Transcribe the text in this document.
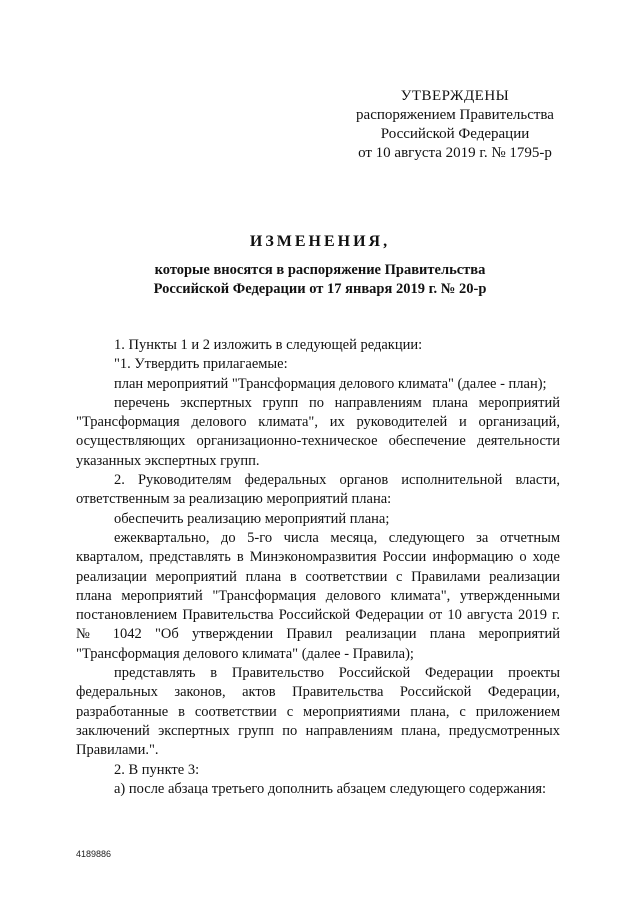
УТВЕРЖДЕНЫ
распоряжением Правительства
Российской Федерации
от 10 августа 2019 г. № 1795-р
ИЗМЕНЕНИЯ,
которые вносятся в распоряжение Правительства
Российской Федерации от 17 января 2019 г. № 20-р

1. Пункты 1 и 2 изложить в следующей редакции:

"1. Утвердить прилагаемые:

план мероприятий "Трансформация делового климата" (далее - план);

перечень экспертных групп по направлениям плана мероприятий "Трансформация делового климата", их руководителей и организаций, осуществляющих организационно-техническое обеспечение деятельности указанных экспертных групп.

2. Руководителям федеральных органов исполнительной власти, ответственным за реализацию мероприятий плана:

обеспечить реализацию мероприятий плана;

ежеквартально, до 5-го числа месяца, следующего за отчетным кварталом, представлять в Минэкономразвития России информацию о ходе реализации мероприятий плана в соответствии с Правилами реализации плана мероприятий "Трансформация делового климата", утвержденными постановлением Правительства Российской Федерации от 10 августа 2019 г. № 1042 "Об утверждении Правил реализации плана мероприятий "Трансформация делового климата" (далее - Правила);

представлять в Правительство Российской Федерации проекты федеральных законов, актов Правительства Российской Федерации, разработанные в соответствии с мероприятиями плана, с приложением заключений экспертных групп по направлениям плана, предусмотренных Правилами.".

2. В пункте 3:

а) после абзаца третьего дополнить абзацем следующего содержания:

4189886
